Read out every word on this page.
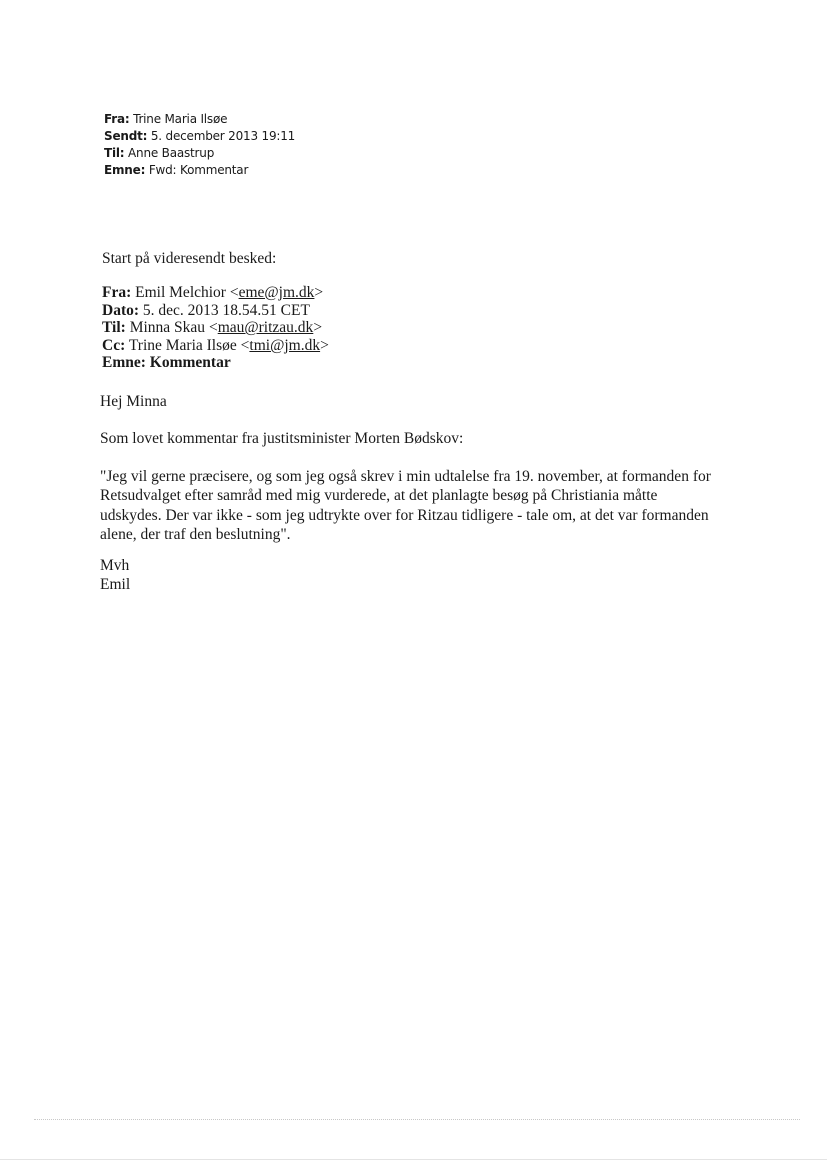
Fra: Trine Maria Ilsøe
Sendt: 5. december 2013 19:11
Til: Anne Baastrup
Emne: Fwd: Kommentar
Start på videresendt besked:
Fra: Emil Melchior <eme@jm.dk>
Dato: 5. dec. 2013 18.54.51 CET
Til: Minna Skau <mau@ritzau.dk>
Cc: Trine Maria Ilsøe <tmi@jm.dk>
Emne: Kommentar
Hej Minna
Som lovet kommentar fra justitsminister Morten Bødskov:
"Jeg vil gerne præcisere, og som jeg også skrev i min udtalelse fra 19. november, at formanden for
Retsudvalget efter samråd med mig vurderede, at det planlagte besøg på Christiania måtte
udskydes. Der var ikke - som jeg udtrykte over for Ritzau tidligere - tale om, at det var formanden
alene, der traf den beslutning".
Mvh
Emil
